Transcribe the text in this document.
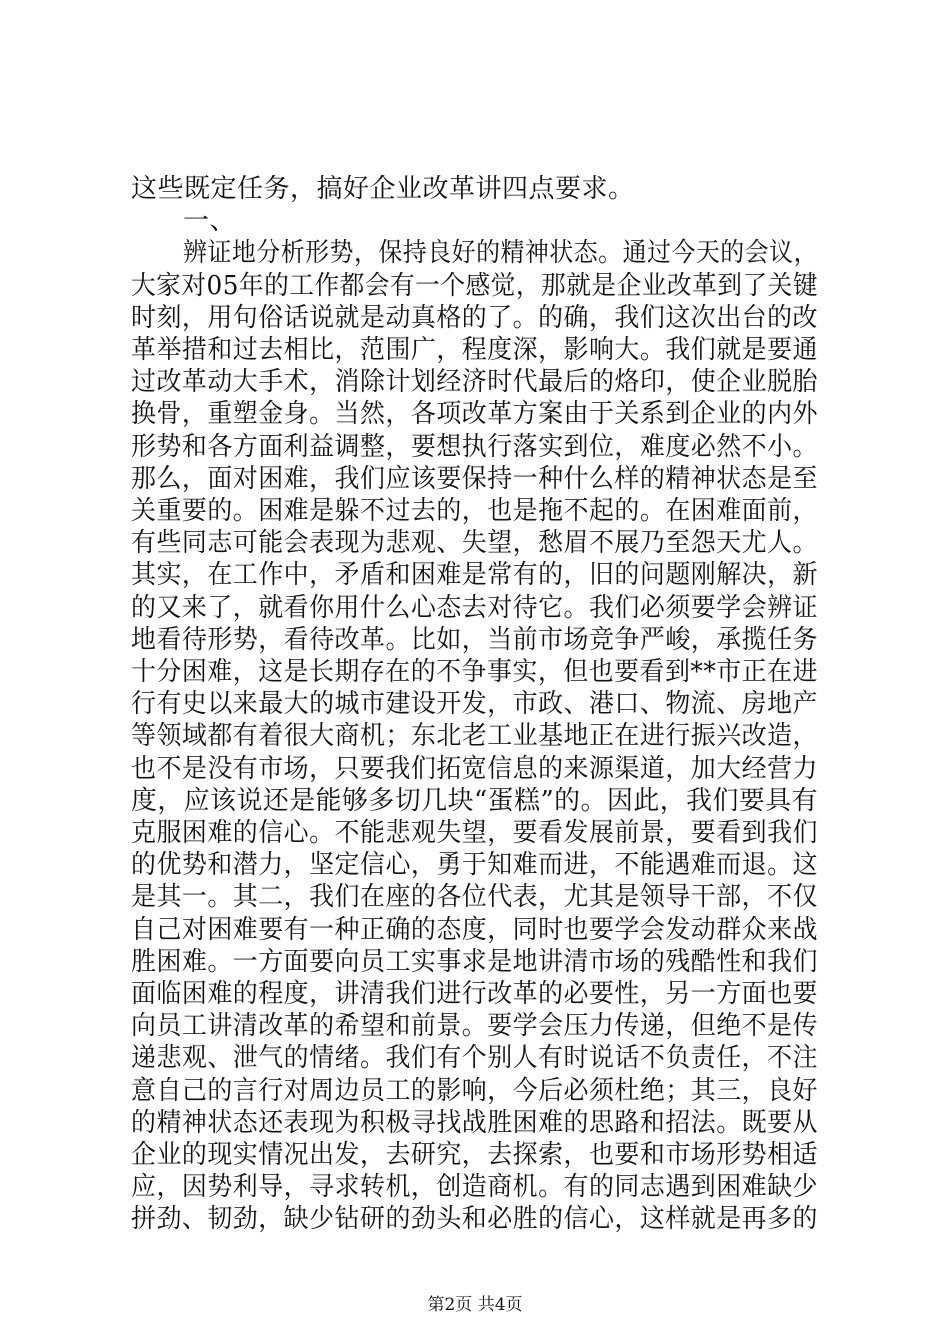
这些既定任务，搞好企业改革讲四点要求。
一、
辨证地分析形势，保持良好的精神状态。通过今天的会议，
大家对05年的工作都会有一个感觉，那就是企业改革到了关键
时刻，用句俗话说就是动真格的了。的确，我们这次出台的改
革举措和过去相比，范围广，程度深，影响大。我们就是要通
过改革动大手术，消除计划经济时代最后的烙印，使企业脱胎
换骨，重塑金身。当然，各项改革方案由于关系到企业的内外
形势和各方面利益调整，要想执行落实到位，难度必然不小。
那么，面对困难，我们应该要保持一种什么样的精神状态是至
关重要的。困难是躲不过去的，也是拖不起的。在困难面前，
有些同志可能会表现为悲观、失望，愁眉不展乃至怨天尤人。
其实，在工作中，矛盾和困难是常有的，旧的问题刚解决，新
的又来了，就看你用什么心态去对待它。我们必须要学会辨证
地看待形势，看待改革。比如，当前市场竞争严峻，承揽任务
十分困难，这是长期存在的不争事实，但也要看到**市正在进
行有史以来最大的城市建设开发，市政、港口、物流、房地产
等领域都有着很大商机；东北老工业基地正在进行振兴改造，
也不是没有市场，只要我们拓宽信息的来源渠道，加大经营力
度，应该说还是能够多切几块“蛋糕”的。因此，我们要具有
克服困难的信心。不能悲观失望，要看发展前景，要看到我们
的优势和潜力，坚定信心，勇于知难而进，不能遇难而退。这
是其一。其二，我们在座的各位代表，尤其是领导干部，不仅
自己对困难要有一种正确的态度，同时也要学会发动群众来战
胜困难。一方面要向员工实事求是地讲清市场的残酷性和我们
面临困难的程度，讲清我们进行改革的必要性，另一方面也要
向员工讲清改革的希望和前景。要学会压力传递，但绝不是传
递悲观、泄气的情绪。我们有个别人有时说话不负责任，不注
意自己的言行对周边员工的影响，今后必须杜绝；其三，良好
的精神状态还表现为积极寻找战胜困难的思路和招法。既要从
企业的现实情况出发，去研究，去探索，也要和市场形势相适
应，因势利导，寻求转机，创造商机。有的同志遇到困难缺少
拼劲、韧劲，缺少钻研的劲头和必胜的信心，这样就是再多的
第2页 共4页
